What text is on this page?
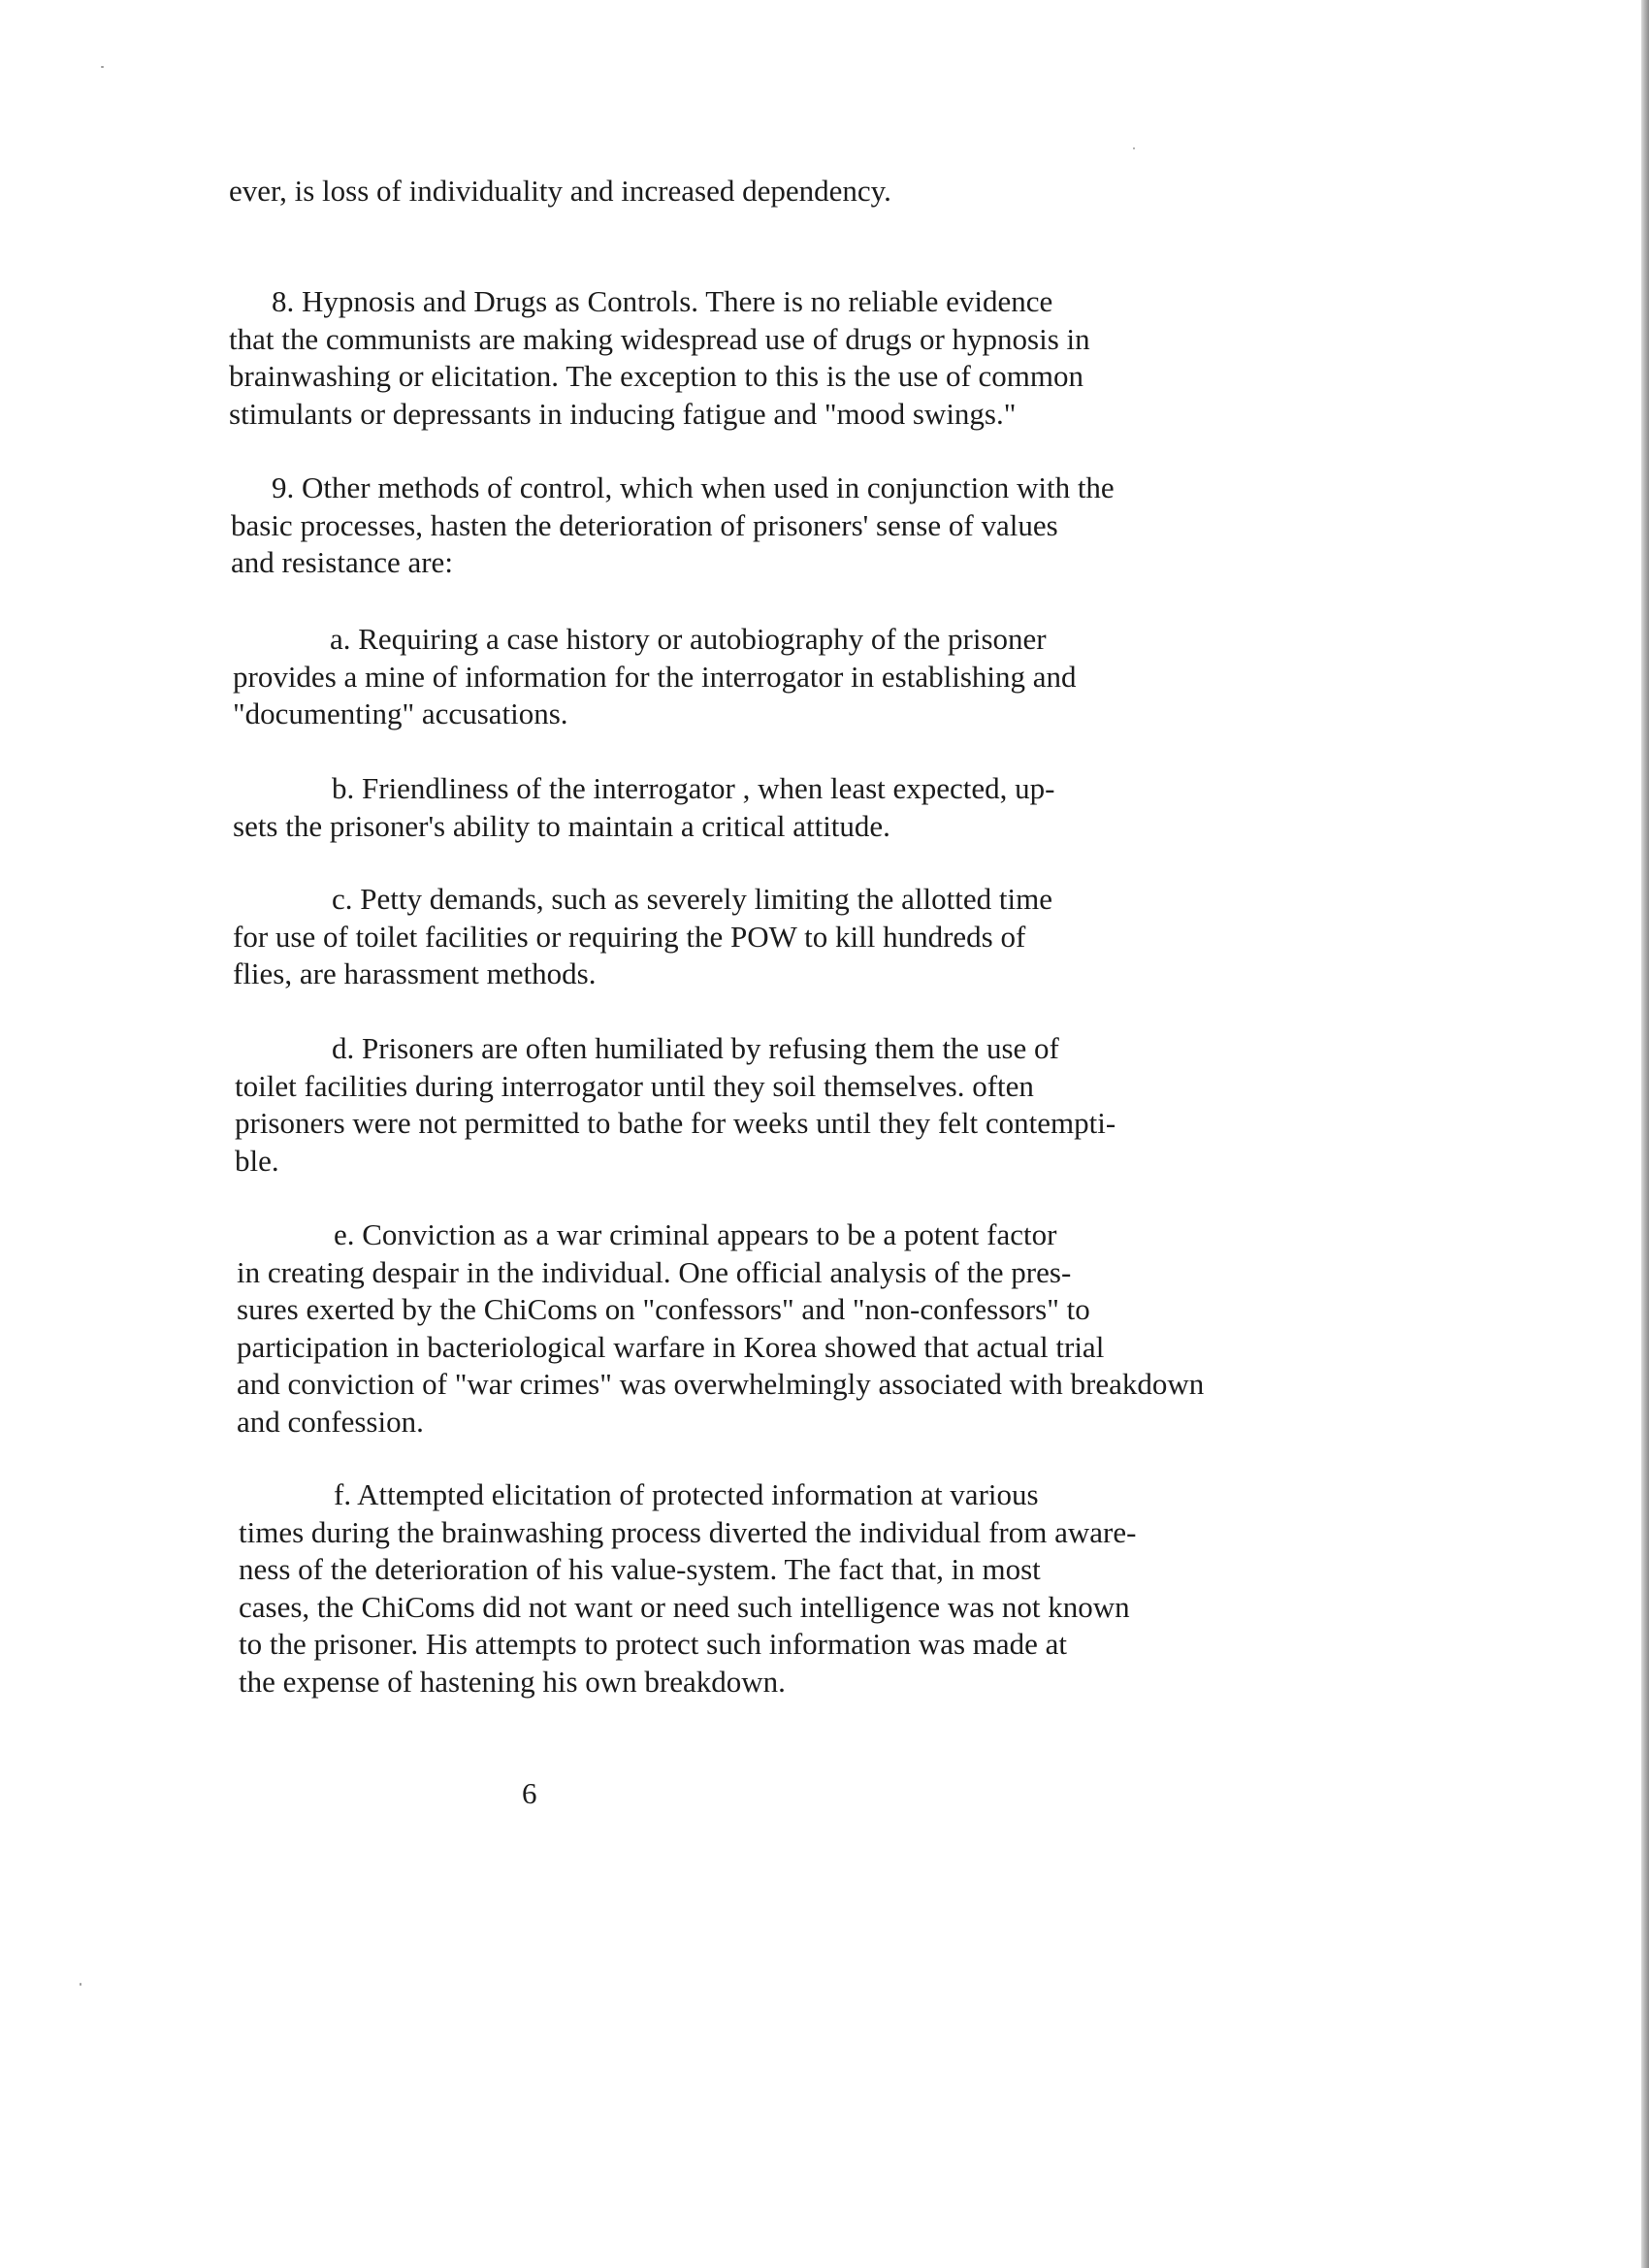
ever, is loss of individuality and increased dependency.
8. Hypnosis and Drugs as Controls. There is no reliable evidence
that the communists are making widespread use of drugs or hypnosis in
brainwashing or elicitation. The exception to this is the use of common
stimulants or depressants in inducing fatigue and "mood swings."
9. Other methods of control, which when used in conjunction with the
basic processes, hasten the deterioration of prisoners' sense of values
and resistance are:
a. Requiring a case history or autobiography of the prisoner
provides a mine of information for the interrogator in establishing and
"documenting" accusations.
b. Friendliness of the interrogator , when least expected, up-
sets the prisoner's ability to maintain a critical attitude.
c. Petty demands, such as severely limiting the allotted time
for use of toilet facilities or requiring the POW to kill hundreds of
flies, are harassment methods.
d. Prisoners are often humiliated by refusing them the use of
toilet facilities during interrogator until they soil themselves. often
prisoners were not permitted to bathe for weeks until they felt contempti-
ble.
e. Conviction as a war criminal appears to be a potent factor
in creating despair in the individual. One official analysis of the pres-
sures exerted by the ChiComs on "confessors" and "non-confessors" to
participation in bacteriological warfare in Korea showed that actual trial
and conviction of "war crimes" was overwhelmingly associated with breakdown
and confession.
f. Attempted elicitation of protected information at various
times during the brainwashing process diverted the individual from aware-
ness of the deterioration of his value-system. The fact that, in most
cases, the ChiComs did not want or need such intelligence was not known
to the prisoner. His attempts to protect such information was made at
the expense of hastening his own breakdown.
6
